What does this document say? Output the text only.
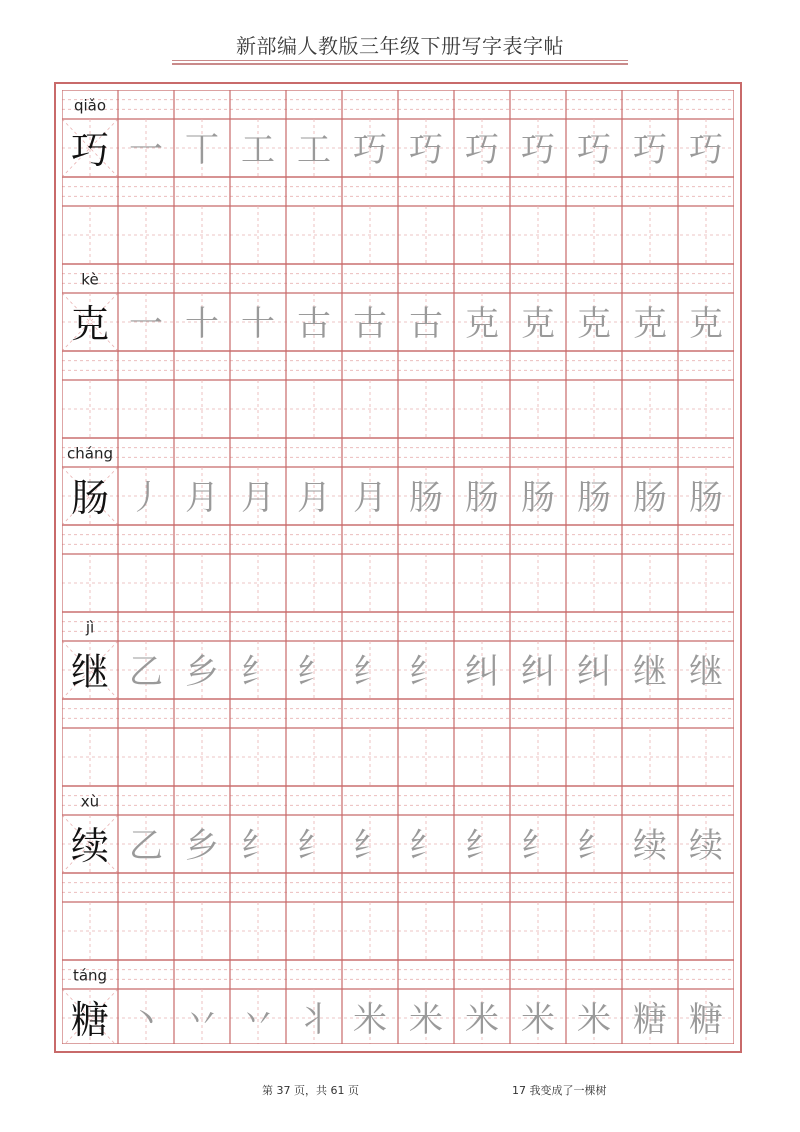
新部编人教版三年级下册写字表字帖
qiǎo
巧 一 丅 工 工 巧 巧 巧 巧 巧 巧 巧
kè
克 一 十 十 古 古 古 克 克 克 克 克
cháng
肠 丿 月 月 月 月 肠 肠 肠 肠 肠 肠
jì
继 乙 乡 纟 纟 纟 纟 纠 纠 纠 继 继
xù
续 乙 乡 纟 纟 纟 纟 纟 纟 纟 续 续
táng
糖 丶 丷 丷 丬 米 米 米 米 米 糖 糖
第 37 页，共 61 页	17 我变成了一棵树
